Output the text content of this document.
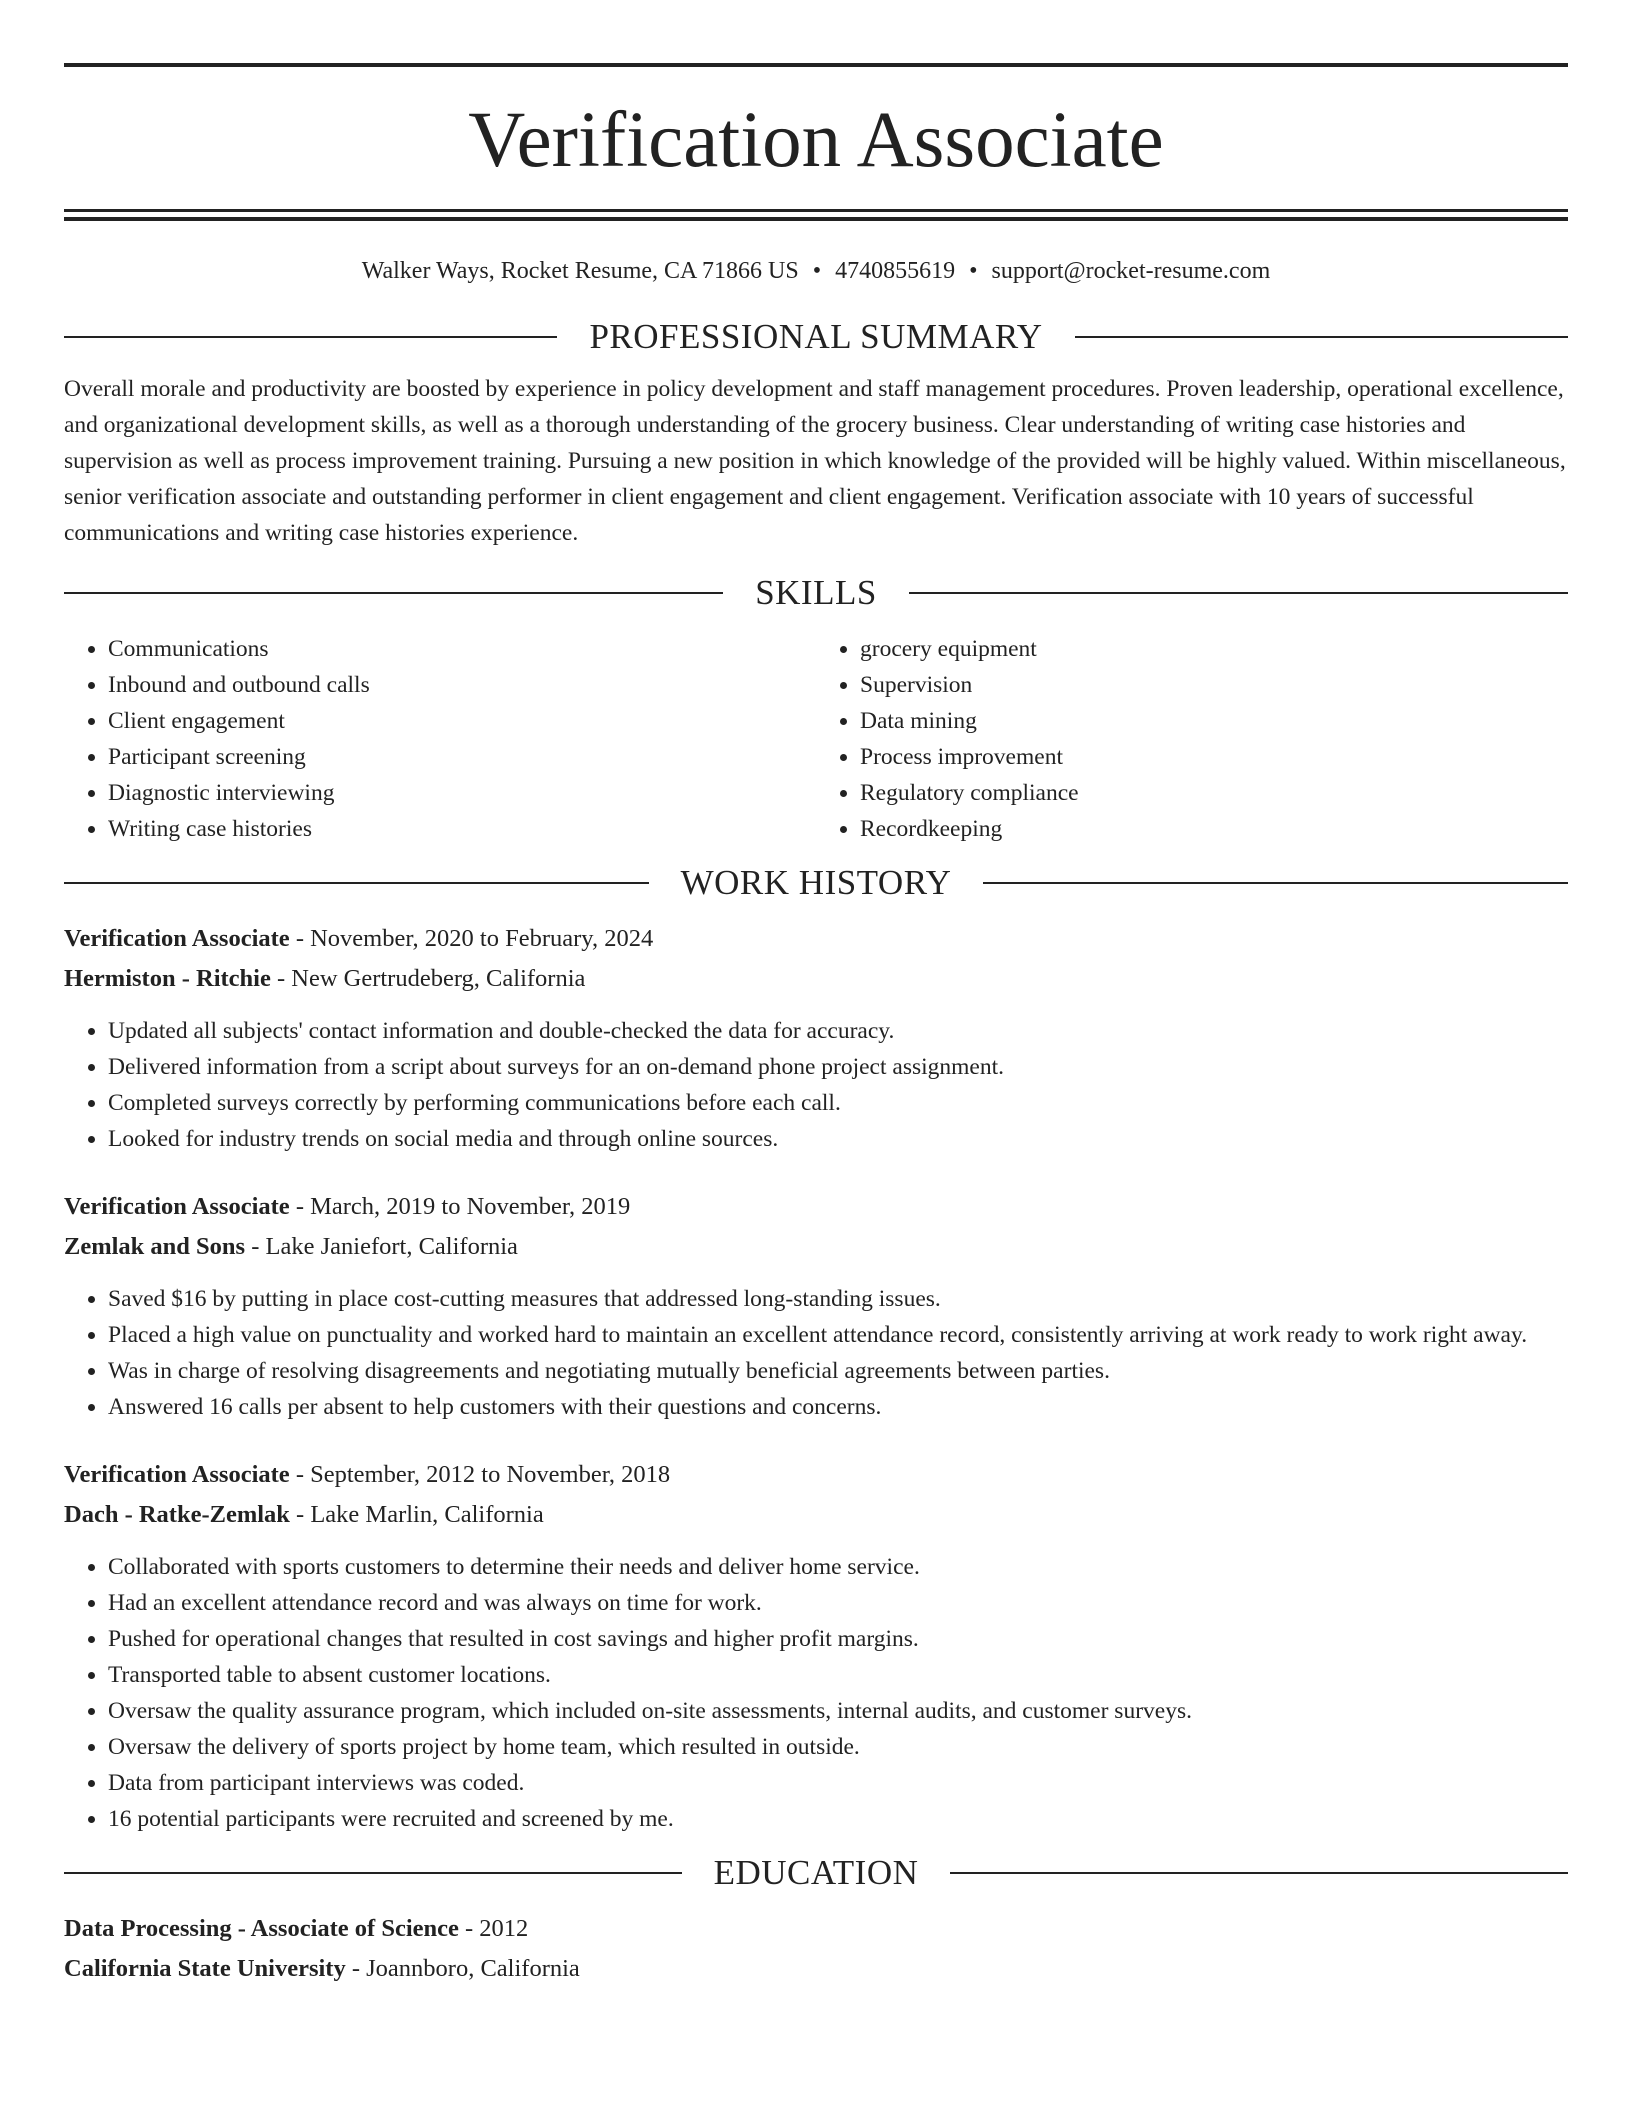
Verification Associate
Walker Ways, Rocket Resume, CA 71866 US • 4740855619 • support@rocket-resume.com
PROFESSIONAL SUMMARY
Overall morale and productivity are boosted by experience in policy development and staff management procedures. Proven leadership, operational excellence, and organizational development skills, as well as a thorough understanding of the grocery business. Clear understanding of writing case histories and supervision as well as process improvement training. Pursuing a new position in which knowledge of the provided will be highly valued. Within miscellaneous, senior verification associate and outstanding performer in client engagement and client engagement. Verification associate with 10 years of successful communications and writing case histories experience.
SKILLS
• Communications
• Inbound and outbound calls
• Client engagement
• Participant screening
• Diagnostic interviewing
• Writing case histories
• grocery equipment
• Supervision
• Data mining
• Process improvement
• Regulatory compliance
• Recordkeeping
WORK HISTORY
Verification Associate - November, 2020 to February, 2024
Hermiston - Ritchie - New Gertrudeberg, California
• Updated all subjects' contact information and double-checked the data for accuracy.
• Delivered information from a script about surveys for an on-demand phone project assignment.
• Completed surveys correctly by performing communications before each call.
• Looked for industry trends on social media and through online sources.
Verification Associate - March, 2019 to November, 2019
Zemlak and Sons - Lake Janiefort, California
• Saved $16 by putting in place cost-cutting measures that addressed long-standing issues.
• Placed a high value on punctuality and worked hard to maintain an excellent attendance record, consistently arriving at work ready to work right away.
• Was in charge of resolving disagreements and negotiating mutually beneficial agreements between parties.
• Answered 16 calls per absent to help customers with their questions and concerns.
Verification Associate - September, 2012 to November, 2018
Dach - Ratke-Zemlak - Lake Marlin, California
• Collaborated with sports customers to determine their needs and deliver home service.
• Had an excellent attendance record and was always on time for work.
• Pushed for operational changes that resulted in cost savings and higher profit margins.
• Transported table to absent customer locations.
• Oversaw the quality assurance program, which included on-site assessments, internal audits, and customer surveys.
• Oversaw the delivery of sports project by home team, which resulted in outside.
• Data from participant interviews was coded.
• 16 potential participants were recruited and screened by me.
EDUCATION
Data Processing - Associate of Science - 2012
California State University - Joannboro, California
